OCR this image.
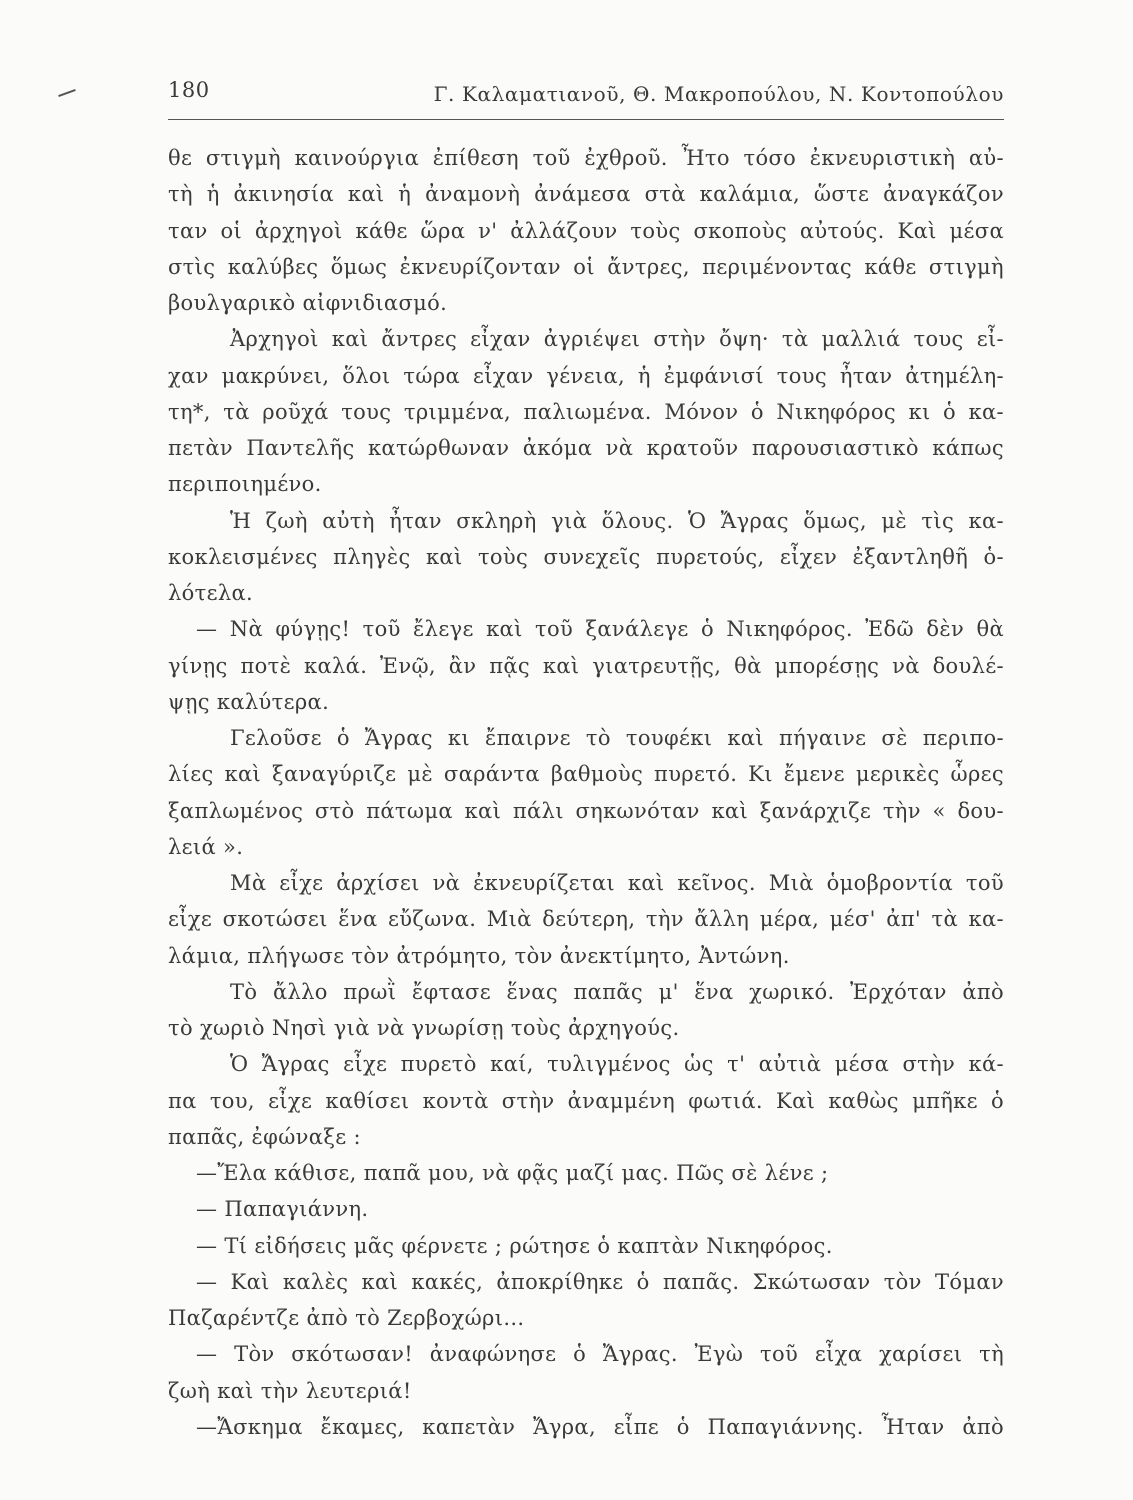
180	Γ. Καλαματιανοῦ, Θ. Μακροπούλου, Ν. Κοντοπούλου
θε στιγμὴ καινούργια ἐπίθεση τοῦ ἐχθροῦ. Ἦτο τόσο ἐκνευριστικὴ αὐ-
τὴ ἡ ἀκινησία καὶ ἡ ἀναμονὴ ἀνάμεσα στὰ καλάμια, ὥστε ἀναγκάζον
ταν οἱ ἀρχηγοὶ κάθε ὥρα ν' ἀλλάζουν τοὺς σκοποὺς αὐτούς. Καὶ μέσα
στὶς καλύβες ὅμως ἐκνευρίζονταν οἱ ἄντρες, περιμένοντας κάθε στιγμὴ
βουλγαρικὸ αἰφνιδιασμό.
Ἀρχηγοὶ καὶ ἄντρες εἶχαν ἀγριέψει στὴν ὄψη· τὰ μαλλιά τους εἶ-
χαν μακρύνει, ὅλοι τώρα εἶχαν γένεια, ἡ ἐμφάνισί τους ἦταν ἀτημέλη-
τη*, τὰ ροῦχά τους τριμμένα, παλιωμένα. Μόνον ὁ Νικηφόρος κι ὁ κα-
πετὰν Παντελῆς κατώρθωναν ἀκόμα νὰ κρατοῦν παρουσιαστικὸ κάπως
περιποιημένο.
Ἡ ζωὴ αὐτὴ ἦταν σκληρὴ γιὰ ὅλους. Ὁ Ἄγρας ὅμως, μὲ τὶς κα-
κοκλεισμένες πληγὲς καὶ τοὺς συνεχεῖς πυρετούς, εἶχεν ἐξαντληθῆ ὁ-
λότελα.
— Νὰ φύγῃς! τοῦ ἔλεγε καὶ τοῦ ξανάλεγε ὁ Νικηφόρος. Ἐδῶ δὲν θὰ
γίνῃς ποτὲ καλά. Ἐνῷ, ἂν πᾷς καὶ γιατρευτῇς, θὰ μπορέσῃς νὰ δουλέ-
ψῃς καλύτερα.
Γελοῦσε ὁ Ἄγρας κι ἔπαιρνε τὸ τουφέκι καὶ πήγαινε σὲ περιπο-
λίες καὶ ξαναγύριζε μὲ σαράντα βαθμοὺς πυρετό. Κι ἔμενε μερικὲς ὧρες
ξαπλωμένος στὸ πάτωμα καὶ πάλι σηκωνόταν καὶ ξανάρχιζε τὴν « δου-
λειά ».
Μὰ εἶχε ἀρχίσει νὰ ἐκνευρίζεται καὶ κεῖνος. Μιὰ ὁμοβροντία τοῦ
εἶχε σκοτώσει ἕνα εὔζωνα. Μιὰ δεύτερη, τὴν ἄλλη μέρα, μέσ' ἀπ' τὰ κα-
λάμια, πλήγωσε τὸν ἀτρόμητο, τὸν ἀνεκτίμητο, Ἀντώνη.
Τὸ ἄλλο πρωῒ ἔφτασε ἕνας παπᾶς μ' ἕνα χωρικό. Ἐρχόταν ἀπὸ
τὸ χωριὸ Νησὶ γιὰ νὰ γνωρίσῃ τοὺς ἀρχηγούς.
Ὁ Ἄγρας εἶχε πυρετὸ καί, τυλιγμένος ὡς τ' αὐτιὰ μέσα στὴν κά-
πα του, εἶχε καθίσει κοντὰ στὴν ἀναμμένη φωτιά. Καὶ καθὼς μπῆκε ὁ
παπᾶς, ἐφώναξε :
—Ἔλα κάθισε, παπᾶ μου, νὰ φᾷς μαζί μας. Πῶς σὲ λένε ;
— Παπαγιάννη.
— Τί εἰδήσεις μᾶς φέρνετε ; ρώτησε ὁ καπτὰν Νικηφόρος.
— Καὶ καλὲς καὶ κακές, ἀποκρίθηκε ὁ παπᾶς. Σκώτωσαν τὸν Τόμαν
Παζαρέντζε ἀπὸ τὸ Ζερβοχώρι...
— Τὸν σκότωσαν! ἀναφώνησε ὁ Ἄγρας. Ἐγὼ τοῦ εἶχα χαρίσει τὴ
ζωὴ καὶ τὴν λευτεριά!
—Ἄσκημα ἔκαμες, καπετὰν Ἄγρα, εἶπε ὁ Παπαγιάννης. Ἦταν ἀπὸ
